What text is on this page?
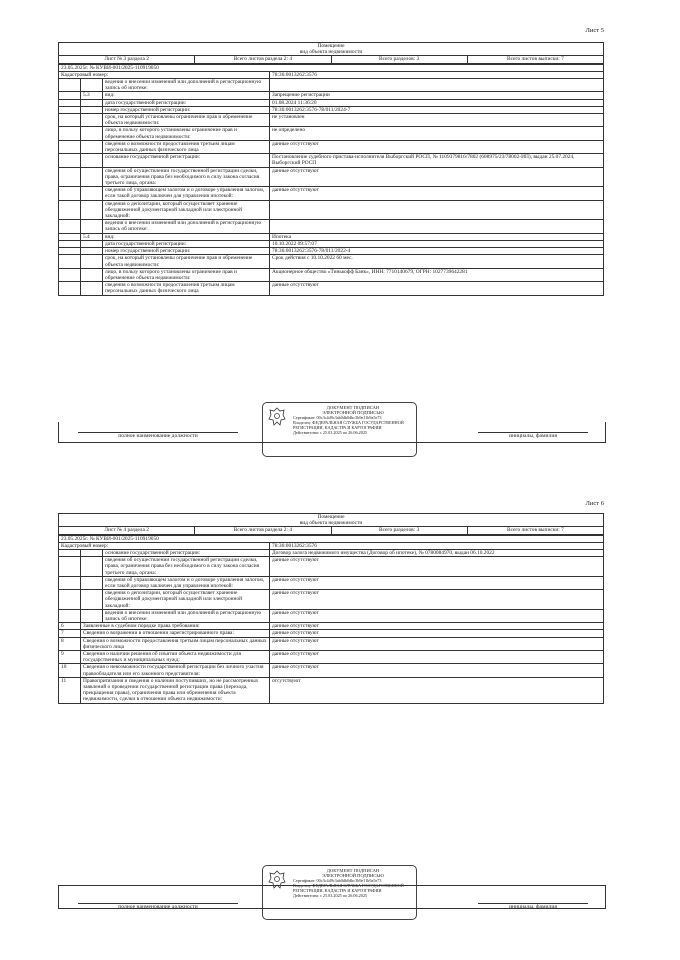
Лист 5
Помещение
вид объекта недвижимости
Лист № 3 раздела 2	Всего листов раздела 2: 4	Всего разделов: 3	Всего листов выписки: 7
23.05.2025г. № КУВИ-001/2025-110919050			
Кадастровый номер:			78:36:0013262:3576
		ведения о внесении изменений или дополнений в регистрационную запись об ипотеке:	
	5.3	вид:	Запрещение регистрации
		дата государственной регистрации:	01.08.2024 11:36:20
		номер государственной регистрации:	78:36:0013262:3576-78/011/2024-7
		срок, на который установлены ограничение прав и обременение объекта недвижимости:	не установлен
		лицо, в пользу которого установлены ограничение прав и обременение объекта недвижимости:	не определено
		сведения о возможности предоставления третьим лицам персональных данных физического лица	данные отсутствуют
		основание государственной регистрации:	Постановление судебного пристава-исполнителя Выборгский РОСП, № 1109379816/7802 (608975/23/78002-ИП), выдан 25.07.2024, Выборгский РОСП
		сведения об осуществлении государственной регистрации сделки, права, ограничения права без необходимого в силу закона согласия третьего лица, органа:	данные отсутствуют
		сведения об управляющем залогом и о договоре управления залогом, если такой договор заключен для управления ипотекой:	данные отсутствуют
		сведения о депозитарии, который осуществляет хранение обездвиженной документарной закладной или электронной закладной:	
		ведения о внесении изменений или дополнений в регистрационную запись об ипотеке:	
	5.4	вид:	Ипотека
		дата государственной регистрации:	10.10.2022 09:57:07
		номер государственной регистрации:	78:36:0013262:3576-78/011/2022-4
		срок, на который установлены ограничение прав и обременение объекта недвижимости:	Срок действия с 10.10.2022 60 мес.
		лицо, в пользу которого установлены ограничение прав и обременение объекта недвижимости:	Акционерное общество «Тинькофф Банк», ИНН: 7710140679, ОГРН: 1027739642281
		сведения о возможности предоставления третьим лицам персональных данных физического лица	данные отсутствуют
ДОКУМЕНТ ПОДПИСАН
ЭЛЕКТРОННОЙ ПОДПИСЬЮ
Сертификат: 00c3c4d9c3ab0db0dbc3b9e11b9a5e73
Владелец: ФЕДЕРАЛЬНАЯ СЛУЖБА ГОСУДАРСТВЕННОЙ
РЕГИСТРАЦИИ, КАДАСТРА И КАРТОГРАФИИ
Действителен: с 25.03.2025 по 26.06.2025
полное наименование должности	инициалы, фамилия
Лист 6
Помещение
вид объекта недвижимости
Лист № 4 раздела 2	Всего листов раздела 2: 4	Всего разделов: 3	Всего листов выписки: 7
23.05.2025г. № КУВИ-001/2025-110919050			
Кадастровый номер:			78:36:0013262:3576
		основание государственной регистрации:	Договор залога недвижимого имущества (Договор об ипотеке), № 0780084970, выдан 06.10.2022
		сведения об осуществлении государственной регистрации сделки, права, ограничения права без необходимого в силу закона согласия третьего лица, органа:	данные отсутствуют
		сведения об управляющем залогом и о договоре управления залогом, если такой договор заключен для управления ипотекой:	данные отсутствуют
		сведения о депозитарии, который осуществляет хранение обездвиженной документарной закладной или электронной закладной:	данные отсутствуют
		ведения о внесении изменений или дополнений в регистрационную запись об ипотеке:	данные отсутствуют
6	Заявленные в судебном порядке права требования:		данные отсутствуют
7	Сведения о возражении в отношении зарегистрированного права:		данные отсутствуют
8	Сведения о возможности предоставления третьим лицам персональных данных физического лица		данные отсутствуют
9	Сведения о наличии решения об изъятии объекта недвижимости для государственных и муниципальных нужд:		данные отсутствуют
10	Сведения о невозможности государственной регистрации без личного участия правообладателя или его законного представителя:		данные отсутствуют
11	Правопритязания и сведения о наличии поступивших, но не рассмотренных заявлений о проведении государственной регистрации права (перехода, прекращения права), ограничения права или обременения объекта недвижимости, сделки в отношении объекта недвижимости:		отсутствуют
ДОКУМЕНТ ПОДПИСАН
ЭЛЕКТРОННОЙ ПОДПИСЬЮ
Сертификат: 00c3c4d9c3ab0db0dbc3b9e11b9a5e73
Владелец: ФЕДЕРАЛЬНАЯ СЛУЖБА ГОСУДАРСТВЕННОЙ
РЕГИСТРАЦИИ, КАДАСТРА И КАРТОГРАФИИ
Действителен: с 25.03.2025 по 26.06.2025
полное наименование должности	инициалы, фамилия
